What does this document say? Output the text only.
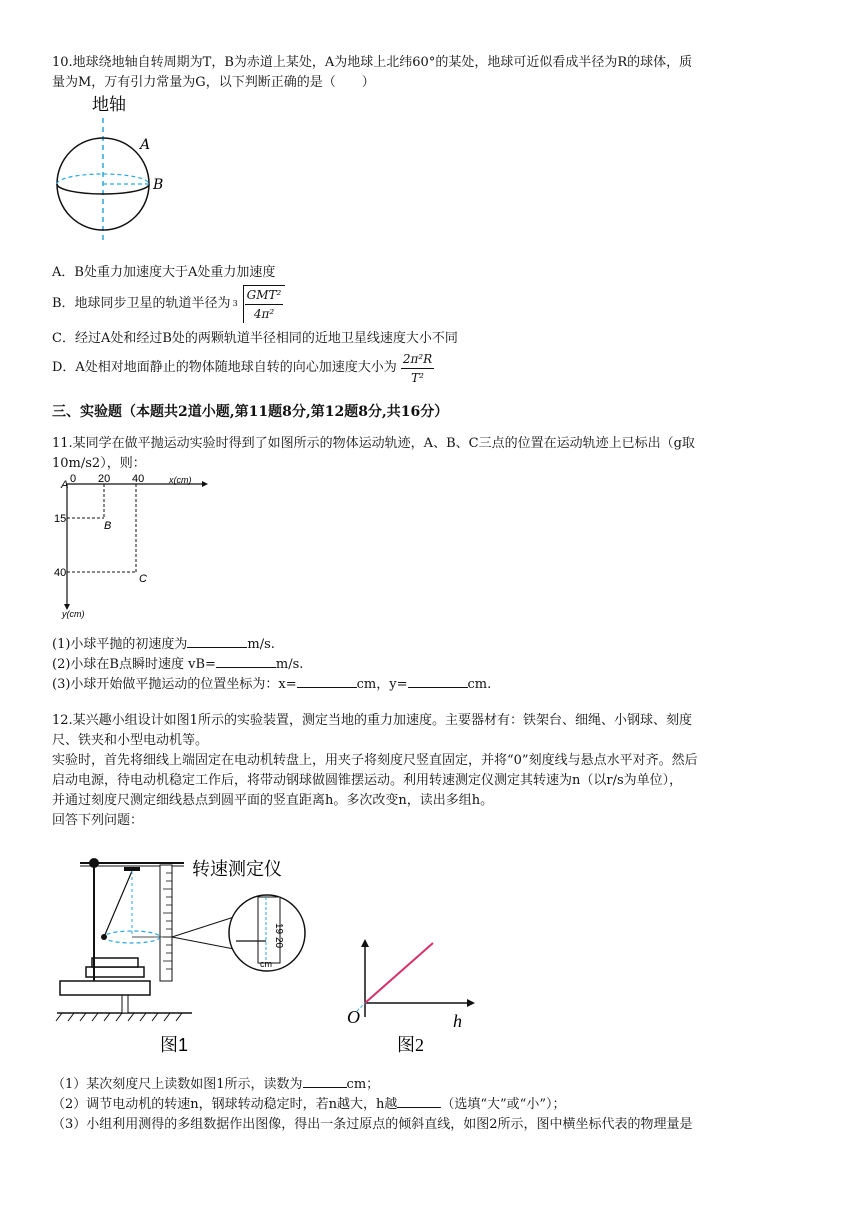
10.地球绕地轴自转周期为T，B为赤道上某处，A为地球上北纬60°的某处，地球可近似看成半径为R的球体，质
量为M，万有引力常量为G，以下判断正确的是（　　）
地轴
A
B
A．B处重力加速度大于A处重力加速度
B．地球同步卫星的轨道半径为 $3 \frac{\text{GMT²}}{\text{4π²}}$
C．经过A处和经过B处的两颗轨道半径相同的近地卫星线速度大小不同
D．A处相对地面静止的物体随地球自转的向心加速度大小为 $\frac{\text{2π²R}}{\text{T²}}$
三、实验题（本题共2道小题,第11题8分,第12题8分,共16分）
11.某同学在做平抛运动实验时得到了如图所示的物体运动轨迹，A、B、C三点的位置在运动轨迹上已标出（g取
10m/s2），则：
A 0 20 40	x(cm)
15
40
y(cm)
B
C
(1)小球平抛的初速度为	m/s.
(2)小球在B点瞬时速度 vB=	m/s.
(3)小球开始做平抛运动的位置坐标为：x=	cm，y=	cm.
12.某兴趣小组设计如图1所示的实验装置，测定当地的重力加速度。主要器材有：铁架台、细绳、小钢球、刻度
尺、铁夹和小型电动机等。
实验时，首先将细线上端固定在电动机转盘上，用夹子将刻度尺竖直固定，并将“0”刻度线与悬点水平对齐。然后
启动电源，待电动机稳定工作后，将带动钢球做圆锥摆运动。利用转速测定仪测定其转速为n（以r/s为单位），
并通过刻度尺测定细线悬点到圆平面的竖直距离h。多次改变n，读出多组h。
回答下列问题：
19
20
cm
转速测定仪
图1
O	h
图2
（1）某次刻度尺上读数如图1所示，读数为	cm；
（2）调节电动机的转速n，钢球转动稳定时，若n越大，h越	（选填“大”或“小”）；
（3）小组利用测得的多组数据作出图像，得出一条过原点的倾斜直线，如图2所示，图中横坐标代表的物理量是
